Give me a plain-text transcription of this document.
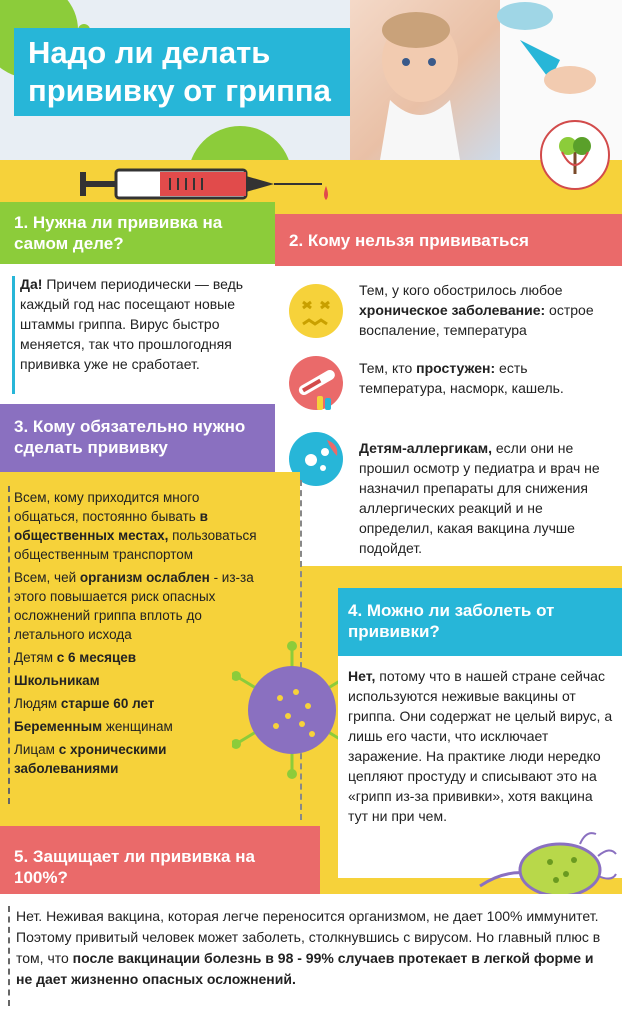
Надо ли делать прививку от гриппа
1. Нужна ли прививка на самом деле?
Да! Причем периодически — ведь каждый год нас посещают новые штаммы гриппа. Вирус быстро меняется, так что прошлогодняя прививка уже не сработает.
2. Кому нельзя прививаться
Тем, у кого обострилось любое хроническое заболевание: острое воспаление, температура
Тем, кто простужен: есть температура, насморк, кашель.
Детям-аллергикам, если они не прошил осмотр у педиатра и врач не назначил препараты для снижения аллергических реакций и не определил, какая вакцина лучше подойдет.
3. Кому обязательно нужно сделать прививку
Всем, кому приходится много общаться, постоянно бывать в общественных местах, пользоваться общественным транспортом
Всем, чей организм ослаблен - из-за этого повышается риск опасных осложнений гриппа вплоть до летального исхода
Детям с 6 месяцев
Школьникам
Людям старше 60 лет
Беременным женщинам
Лицам с хроническими заболеваниями
4. Можно ли заболеть от прививки?
Нет, потому что в нашей стране сейчас используются неживые вакцины от гриппа. Они содержат не целый вирус, а лишь его части, что исключает заражение. На практике люди нередко цепляют простуду и списывают это на «грипп из-за прививки», хотя вакцина тут ни при чем.
5. Защищает ли прививка на 100%?
Нет. Неживая вакцина, которая легче переносится организмом, не дает 100% иммунитет. Поэтому привитый человек может заболеть, столкнувшись с вирусом. Но главный плюс в том, что после вакцинации болезнь в 98 - 99% случаев протекает в легкой форме и не дает жизненно опасных осложнений.
